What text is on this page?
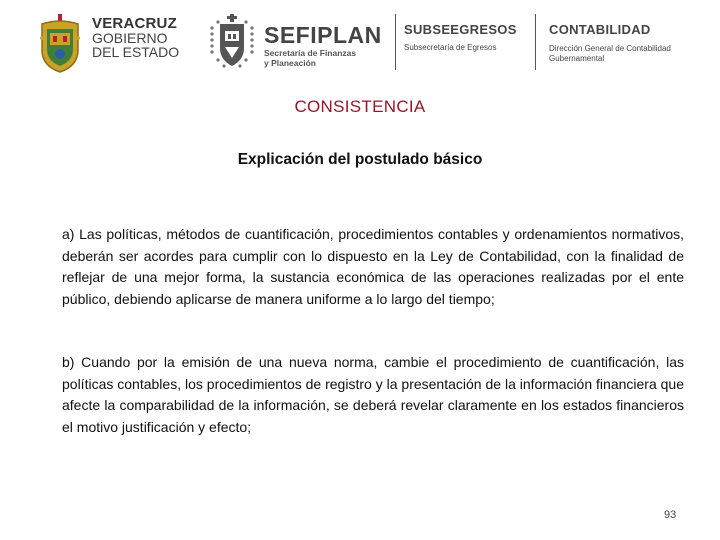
VERACRUZ
GOBIERNO
DEL ESTADO
SEFIPLAN
Secretaría de Finanzas
y Planeación
SUBSEEGRESOS
Subsecretaría de Egresos
CONTABILIDAD
Dirección General de Contabilidad
Gubernamental
CONSISTENCIA
Explicación del postulado básico

a) Las políticas, métodos de cuantificación, procedimientos contables y ordenamientos normativos, deberán ser acordes para cumplir con lo dispuesto en la Ley de Contabilidad, con la finalidad de reflejar de una mejor forma, la sustancia económica de las operaciones realizadas por el ente público, debiendo aplicarse de manera uniforme a lo largo del tiempo;

b) Cuando por la emisión de una nueva norma, cambie el procedimiento de cuantificación, las políticas contables, los procedimientos de registro y la presentación de la información financiera que afecte la comparabilidad de la información, se deberá revelar claramente en los estados financieros el motivo justificación y efecto;

93
